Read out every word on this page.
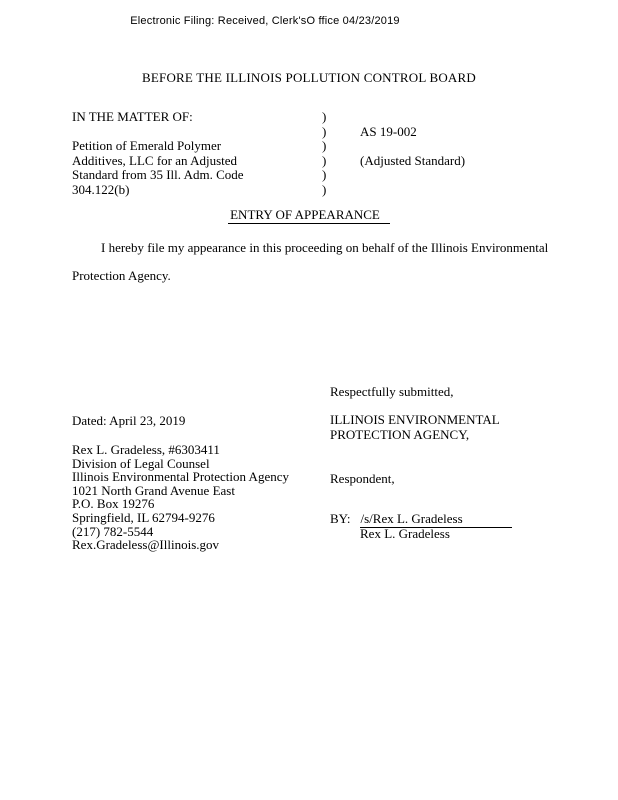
Electronic Filing: Received, Clerk'sO ffice 04/23/2019
BEFORE THE ILLINOIS POLLUTION CONTROL BOARD
IN THE MATTER OF:	)
)	AS 19-002
Petition of Emerald Polymer	)
Additives, LLC for an Adjusted	)	(Adjusted Standard)
Standard from 35 Ill. Adm. Code	)
304.122(b)	)
ENTRY OF APPEARANCE
I hereby file my appearance in this proceeding on behalf of the Illinois Environmental
Protection Agency.
Respectfully submitted,
Dated: April 23, 2019	ILLINOIS ENVIRONMENTAL
PROTECTION AGENCY,
Rex L. Gradeless, #6303411
Division of Legal Counsel
Illinois Environmental Protection Agency
1021 North Grand Avenue East
P.O. Box 19276
Springfield, IL 62794-9276
(217) 782-5544
Rex.Gradeless@Illinois.gov
Respondent,
BY: /s/Rex L. Gradeless
Rex L. Gradeless
